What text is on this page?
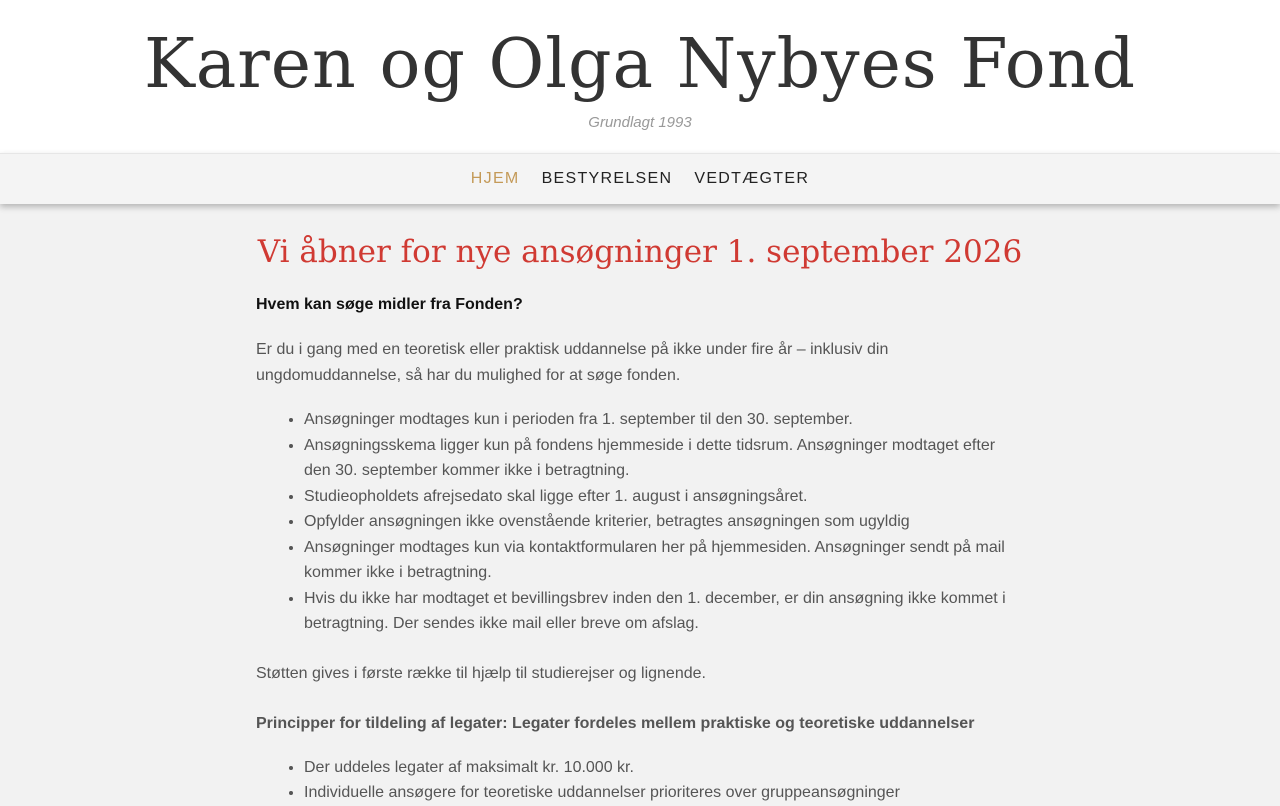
Karen og Olga Nybyes Fond
Grundlagt 1993
HJEM BESTYRELSEN VEDTÆGTER
Vi åbner for nye ansøgninger 1. september 2026

Hvem kan søge midler fra Fonden?

Er du i gang med en teoretisk eller praktisk uddannelse på ikke under fire år – inklusiv din ungdomuddannelse, så har du mulighed for at søge fonden.

• Ansøgninger modtages kun i perioden fra 1. september til den 30. september.
• Ansøgningsskema ligger kun på fondens hjemmeside i dette tidsrum. Ansøgninger modtaget efter den 30. september kommer ikke i betragtning.
• Studieopholdets afrejsedato skal ligge efter 1. august i ansøgningsåret.
• Opfylder ansøgningen ikke ovenstående kriterier, betragtes ansøgningen som ugyldig
• Ansøgninger modtages kun via kontaktformularen her på hjemmesiden. Ansøgninger sendt på mail kommer ikke i betragtning.
• Hvis du ikke har modtaget et bevillingsbrev inden den 1. december, er din ansøgning ikke kommet i betragtning. Der sendes ikke mail eller breve om afslag.

Støtten gives i første række til hjælp til studierejser og lignende.

Principper for tildeling af legater: Legater fordeles mellem praktiske og teoretiske uddannelser

• Der uddeles legater af maksimalt kr. 10.000 kr.
• Individuelle ansøgere for teoretiske uddannelser prioriteres over gruppeansøgninger
